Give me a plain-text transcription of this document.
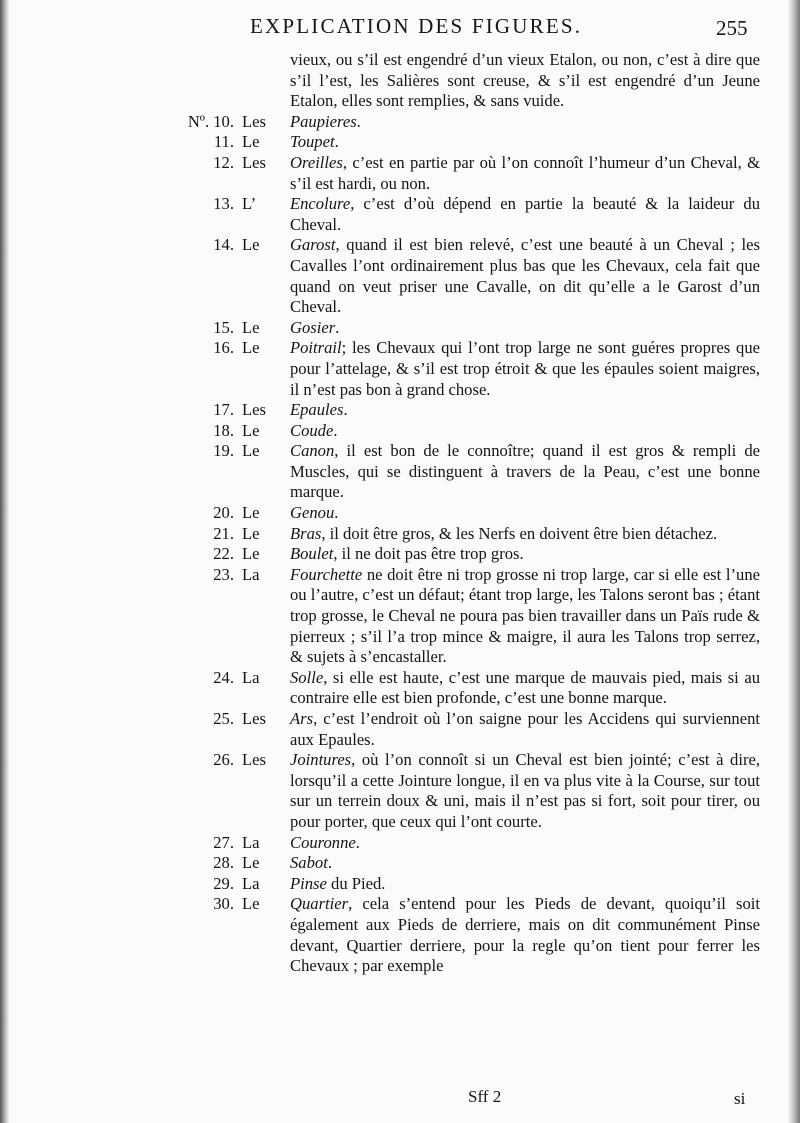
EXPLICATION DES FIGURES.	255
vieux, ou s’il est engendré d’un vieux Etalon, ou non, c’est à dire que s’il l’est, les Salières sont creuse, & s’il est engendré d’un Jeune Etalon, elles sont remplies, & sans vuide.
Nº. 10. Les	Paupieres.
11. Le	Toupet.
12. Les	Oreilles, c’est en partie par où l’on connoît l’humeur d’un Cheval, & s’il est hardi, ou non.
13. L’	Encolure, c’est d’où dépend en partie la beauté & la laideur du Cheval.
14. Le	Garost, quand il est bien relevé, c’est une beauté à un Cheval ; les Cavalles l’ont ordinairement plus bas que les Chevaux, cela fait que quand on veut priser une Cavalle, on dit qu’elle a le Garost d’un Cheval.
15. Le	Gosier.
16. Le	Poitrail; les Chevaux qui l’ont trop large ne sont guéres propres que pour l’attelage, & s’il est trop étroit & que les épaules soient maigres, il n’est pas bon à grand chose.
17. Les	Epaules.
18. Le	Coude.
19. Le	Canon, il est bon de le connoître; quand il est gros & rempli de Muscles, qui se distinguent à travers de la Peau, c’est une bonne marque.
20. Le	Genou.
21. Le	Bras, il doit être gros, & les Nerfs en doivent être bien détachez.
22. Le	Boulet, il ne doit pas être trop gros.
23. La	Fourchette ne doit être ni trop grosse ni trop large, car si elle est l’une ou l’autre, c’est un défaut; étant trop large, les Talons seront bas ; étant trop grosse, le Cheval ne poura pas bien travailler dans un Païs rude & pierreux ; s’il l’a trop mince & maigre, il aura les Talons trop serrez, & sujets à s’encastaller.
24. La	Solle, si elle est haute, c’est une marque de mauvais pied, mais si au contraire elle est bien profonde, c’est une bonne marque.
25. Les	Ars, c’est l’endroit où l’on saigne pour les Accidens qui surviennent aux Epaules.
26. Les	Jointures, où l’on connoît si un Cheval est bien jointé; c’est à dire, lorsqu’il a cette Jointure longue, il en va plus vite à la Course, sur tout sur un terrein doux & uni, mais il n’est pas si fort, soit pour tirer, ou pour porter, que ceux qui l’ont courte.
27. La	Couronne.
28. Le	Sabot.
29. La	Pinse du Pied.
30. Le	Quartier, cela s’entend pour les Pieds de devant, quoiqu’il soit également aux Pieds de derriere, mais on dit communément Pinse devant, Quartier derriere, pour la regle qu’on tient pour ferrer les Chevaux ; par exemple
Sff 2	si
